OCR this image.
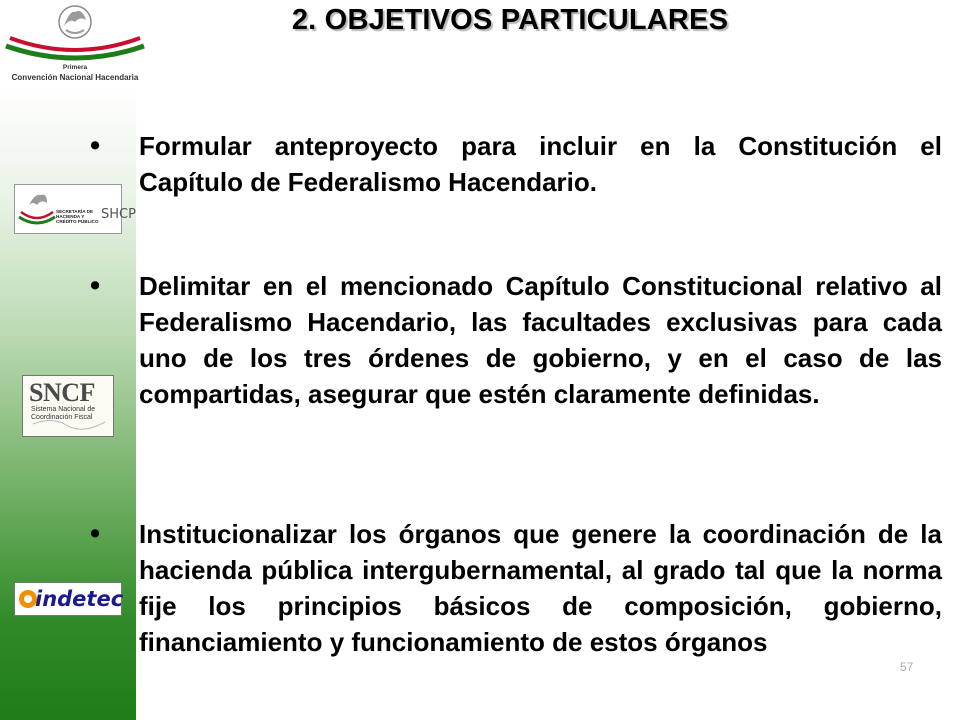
Primera
Convención Nacional Hacendaria
2. OBJETIVOS PARTICULARES
SECRETARÍA DE HACIENDA Y CRÉDITO PÚBLICO SHCP
SNCF
Sistema Nacional de
Coordinación Fiscal
indetec
• Formular anteproyecto para incluir en la Constitución el Capítulo de Federalismo Hacendario.
• Delimitar en el mencionado Capítulo Constitucional relativo al Federalismo Hacendario, las facultades exclusivas para cada uno de los tres órdenes de gobierno, y en el caso de las compartidas, asegurar que estén claramente definidas.
• Institucionalizar los órganos que genere la coordinación de la hacienda pública intergubernamental, al grado tal que la norma fije los principios básicos de composición, gobierno, financiamiento y funcionamiento de estos órganos
57
